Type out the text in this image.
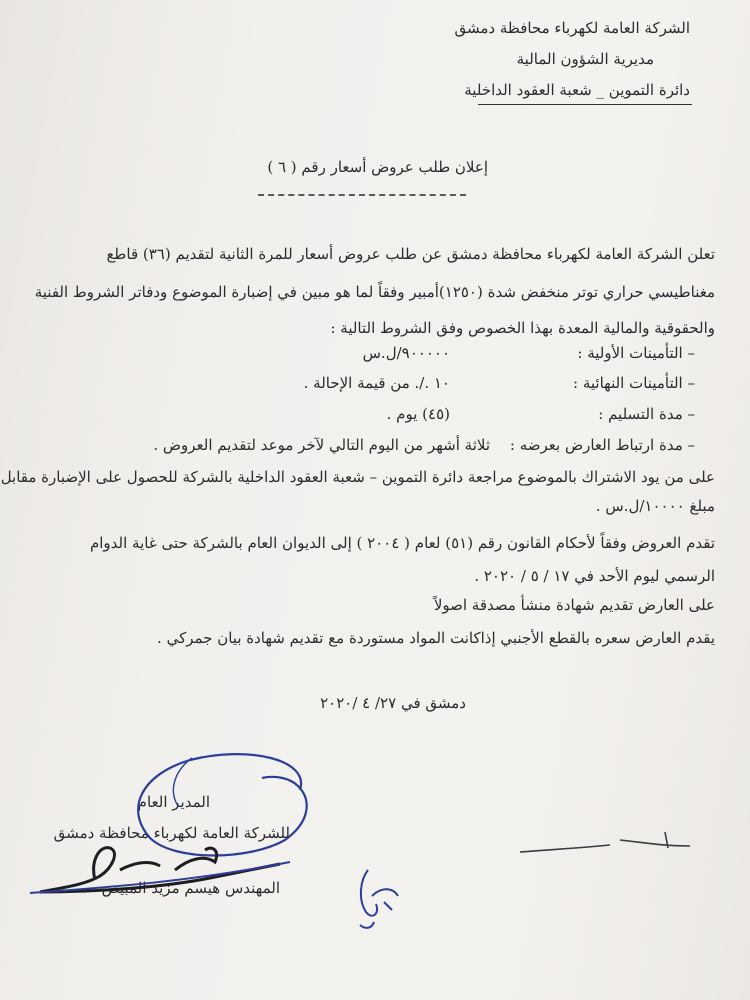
الشركة العامة لكهرباء محافظة دمشق
مديرية الشؤون المالية
دائرة التموين _ شعبة العقود الداخلية
إعلان طلب عروض أسعار رقم ( ٦ )
تعلن الشركة العامة لكهرباء محافظة دمشق عن طلب عروض أسعار للمرة الثانية لتقديم (٣٦) قاطع
مغناطيسي حراري توتر منخفض شدة (١٢٥٠)أمبير وفقاً لما هو مبين في إضبارة الموضوع ودفاتر الشروط الفنية
والحقوقية والمالية المعدة بهذا الخصوص وفق الشروط التالية :
– التأمينات الأولية :
٩٠٠٠٠٠/ل.س
– التأمينات النهائية :
١٠ ./. من قيمة الإحالة .
– مدة التسليم :
(٤٥) يوم .
– مدة ارتباط العارض بعرضه :
ثلاثة أشهر من اليوم التالي لآخر موعد لتقديم العروض .
على من يود الاشتراك بالموضوع مراجعة دائرة التموين – شعبة العقود الداخلية بالشركة للحصول على الإضبارة مقابل
مبلغ ١٠٠٠٠/ل.س .
تقدم العروض وفقاً لأحكام القانون رقم (٥١) لعام ( ٢٠٠٤ ) إلى الديوان العام بالشركة حتى غاية الدوام
الرسمي ليوم الأحد في ١٧ / ٥ / ٢٠٢٠ .
على العارض تقديم شهادة منشأ مصدقة اصولاً
يقدم العارض سعره بالقطع الأجنبي إذاكانت المواد مستوردة مع تقديم شهادة بيان جمركي .
دمشق في ٢٧/ ٤ /٢٠٢٠
المدير العام
للشركة العامة لكهرباء محافظة دمشق
المهندس هيسم مزيد المبيض
